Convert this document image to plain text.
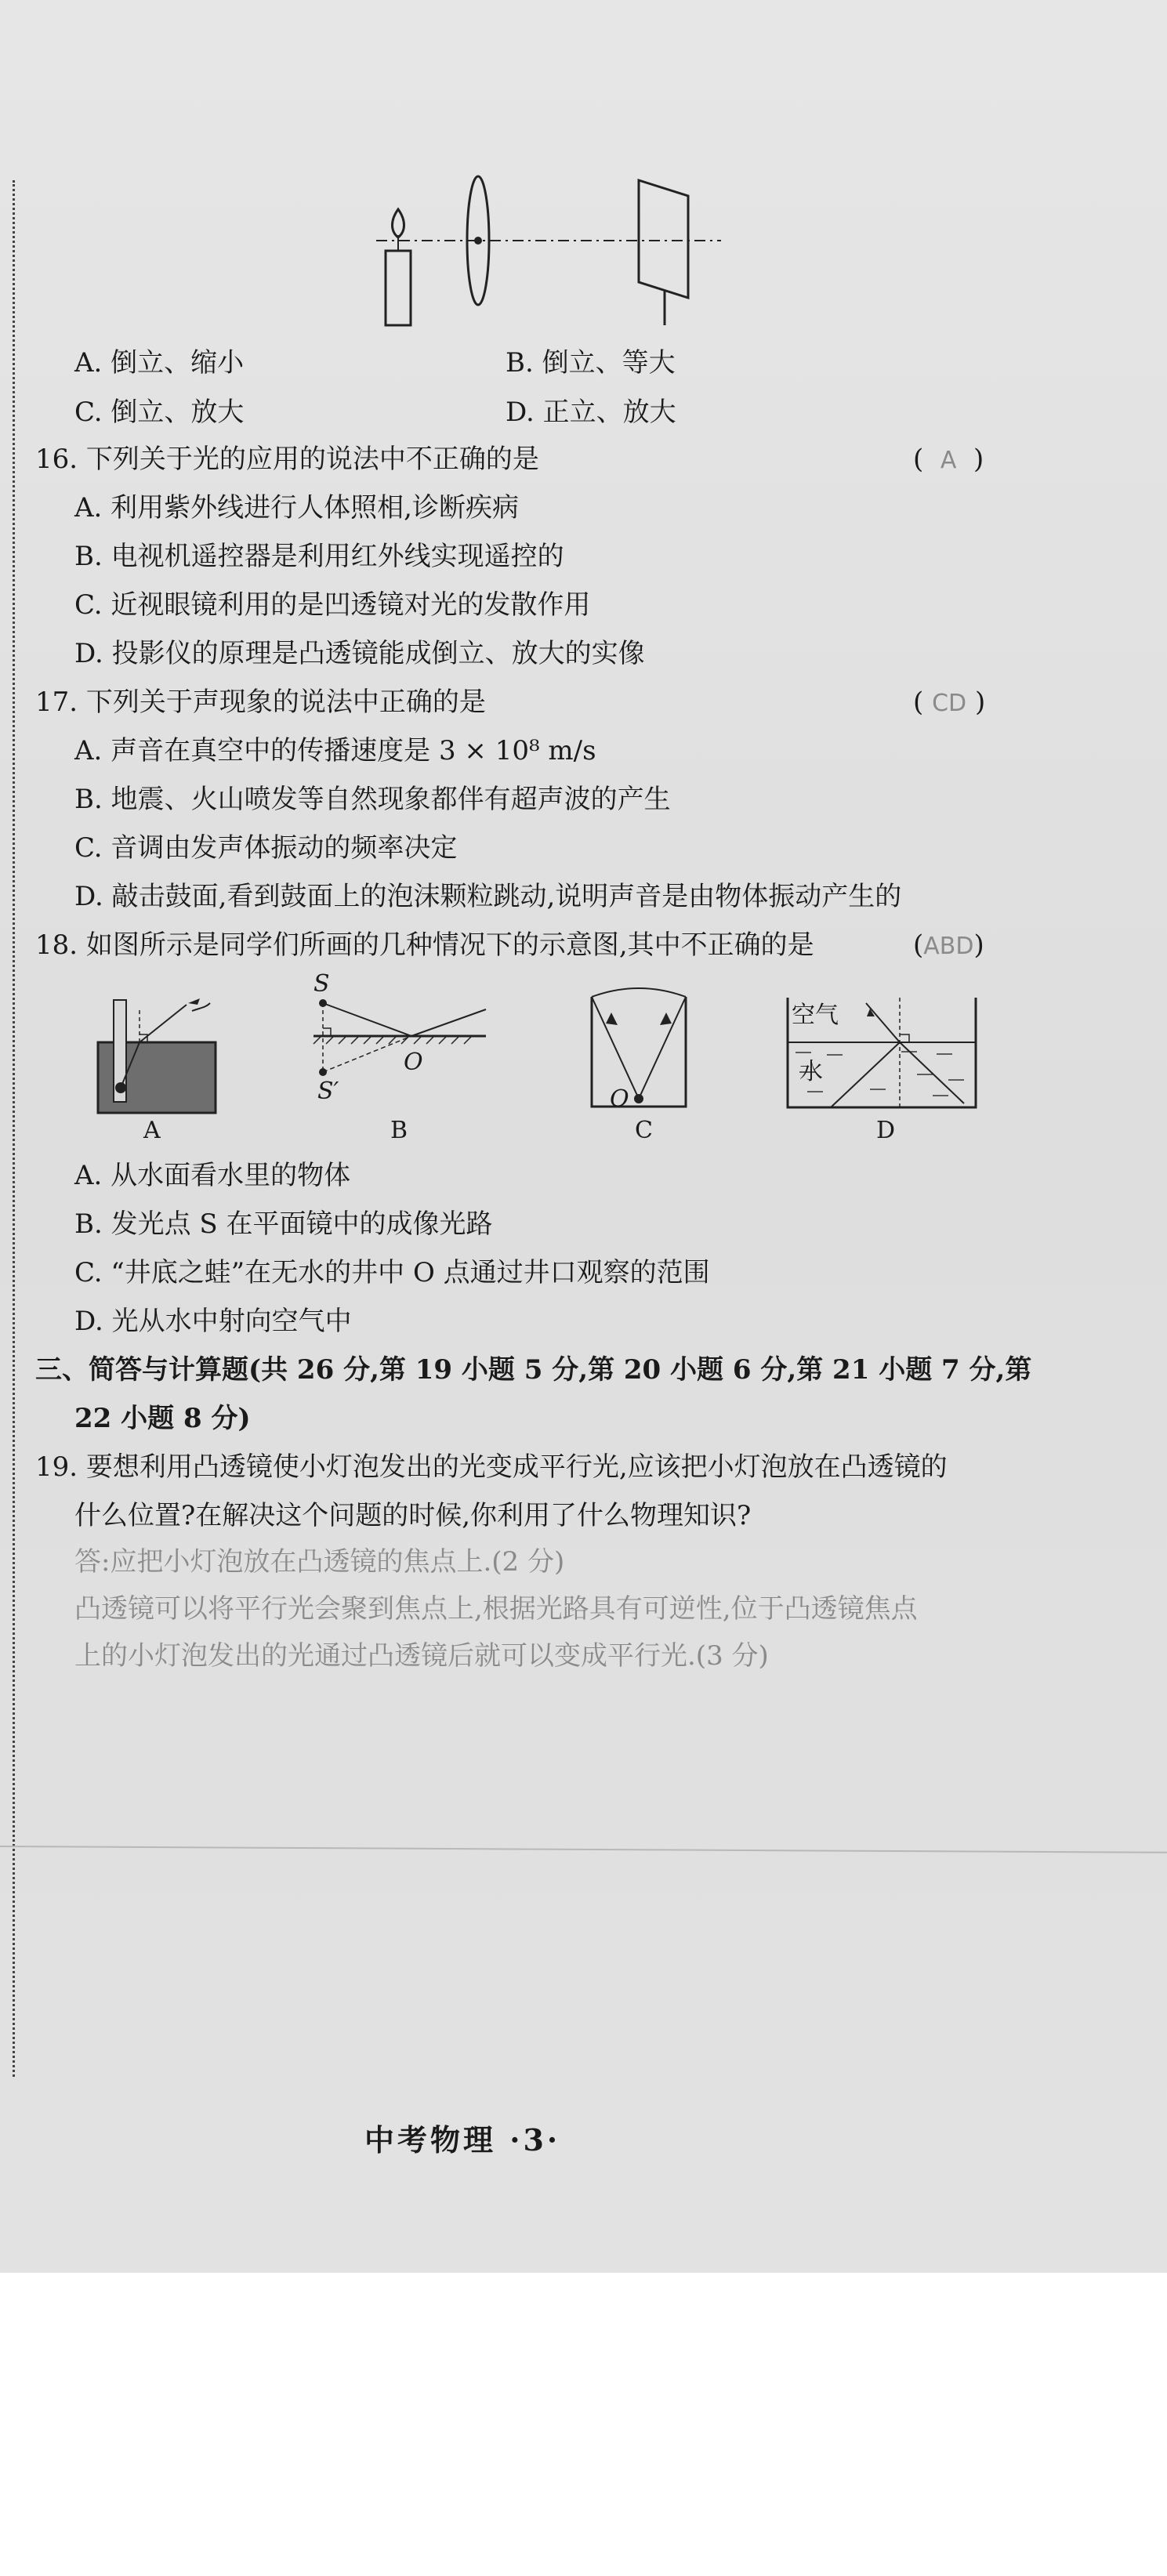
A. 倒立、缩小	B. 倒立、等大
C. 倒立、放大	D. 正立、放大
16. 下列关于光的应用的说法中不正确的是	(  A  )
A. 利用紫外线进行人体照相,诊断疾病
B. 电视机遥控器是利用红外线实现遥控的
C. 近视眼镜利用的是凹透镜对光的发散作用
D. 投影仪的原理是凸透镜能成倒立、放大的实像
17. 下列关于声现象的说法中正确的是	( CD )
A. 声音在真空中的传播速度是 3 × 10⁸ m/s
B. 地震、火山喷发等自然现象都伴有超声波的产生
C. 音调由发声体振动的频率决定
D. 敲击鼓面,看到鼓面上的泡沫颗粒跳动,说明声音是由物体振动产生的
18. 如图所示是同学们所画的几种情况下的示意图,其中不正确的是	(ABD)
A
S
S′
O
B
O
C
空气
水
D
A. 从水面看水里的物体
B. 发光点 S 在平面镜中的成像光路
C. “井底之蛙”在无水的井中 O 点通过井口观察的范围
D. 光从水中射向空气中
三、简答与计算题(共 26 分,第 19 小题 5 分,第 20 小题 6 分,第 21 小题 7 分,第
22 小题 8 分)
19. 要想利用凸透镜使小灯泡发出的光变成平行光,应该把小灯泡放在凸透镜的
什么位置?在解决这个问题的时候,你利用了什么物理知识?
答:应把小灯泡放在凸透镜的焦点上.(2 分)
凸透镜可以将平行光会聚到焦点上,根据光路具有可逆性,位于凸透镜焦点
上的小灯泡发出的光通过凸透镜后就可以变成平行光.(3 分)
中考物理 ·3·
